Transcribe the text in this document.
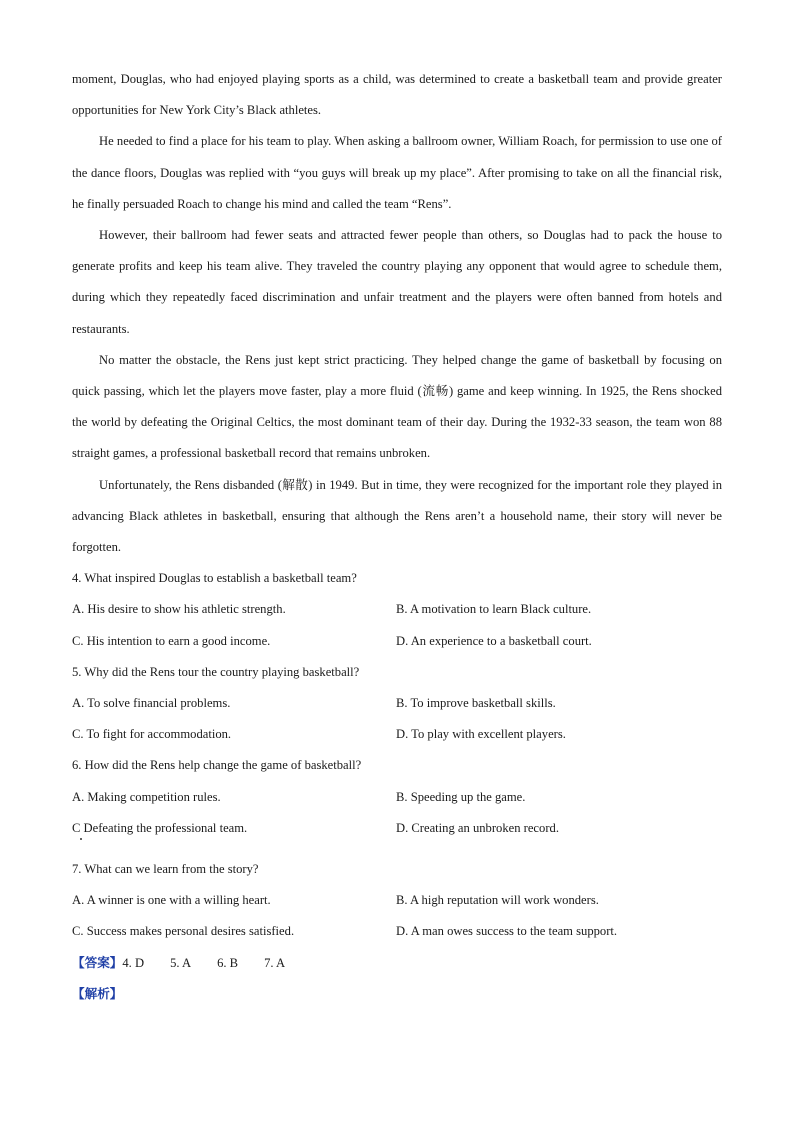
moment, Douglas, who had enjoyed playing sports as a child, was determined to create a basketball team and provide greater opportunities for New York City’s Black athletes.

He needed to find a place for his team to play. When asking a ballroom owner, William Roach, for permission to use one of the dance floors, Douglas was replied with “you guys will break up my place”. After promising to take on all the financial risk, he finally persuaded Roach to change his mind and called the team “Rens”.

However, their ballroom had fewer seats and attracted fewer people than others, so Douglas had to pack the house to generate profits and keep his team alive. They traveled the country playing any opponent that would agree to schedule them, during which they repeatedly faced discrimination and unfair treatment and the players were often banned from hotels and restaurants.

No matter the obstacle, the Rens just kept strict practicing. They helped change the game of basketball by focusing on quick passing, which let the players move faster, play a more fluid (流畅) game and keep winning. In 1925, the Rens shocked the world by defeating the Original Celtics, the most dominant team of their day. During the 1932-33 season, the team won 88 straight games, a professional basketball record that remains unbroken.

Unfortunately, the Rens disbanded (解散) in 1949. But in time, they were recognized for the important role they played in advancing Black athletes in basketball, ensuring that although the Rens aren’t a household name, their story will never be forgotten.

4. What inspired Douglas to establish a basketball team?

A. His desire to show his athletic strength.	B. A motivation to learn Black culture.
C. His intention to earn a good income.	D. An experience to a basketball court.

5. Why did the Rens tour the country playing basketball?

A. To solve financial problems.	B. To improve basketball skills.
C. To fight for accommodation.	D. To play with excellent players.

6. How did the Rens help change the game of basketball?

A. Making competition rules.	B. Speeding up the game.
C Defeating the professional team.	D. Creating an unbroken record.

7. What can we learn from the story?

A. A winner is one with a willing heart.	B. A high reputation will work wonders.
C. Success makes personal desires satisfied.	D. A man owes success to the team support.

【答案】4. D 5. A 6. B 7. A

【解析】
